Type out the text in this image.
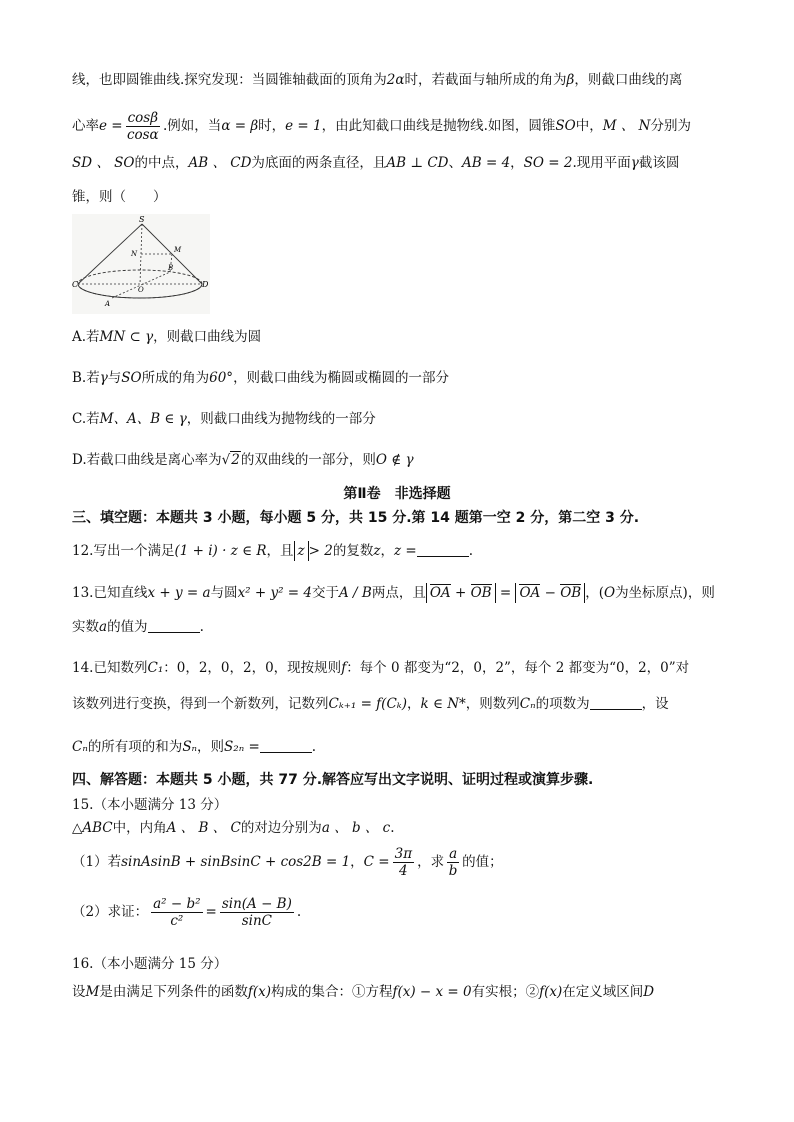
线，也即圆锥曲线.探究发现：当圆锥轴截面的顶角为2α时，若截面与轴所成的角为β，则截口曲线的离
心率$e = \frac{\cos\beta}{\cos\alpha}$ .例如，当α = β时，e = 1，由此知截口曲线是抛物线.如图，圆锥SO中，M 、 N分别为
SD 、 SO的中点，AB 、 CD为底面的两条直径，且AB ⊥ CD、AB = 4，SO = 2.现用平面γ截该圆
锥，则（　　）
S
N	M
B
O
C	D
A
A.若MN ⊂ γ，则截口曲线为圆
B.若γ与SO所成的角为60°，则截口曲线为椭圆或椭圆的一部分
C.若M、A、B ∈ γ，则截口曲线为抛物线的一部分
D.若截口曲线是离心率为√2的双曲线的一部分，则O ∉ γ
第Ⅱ卷　非选择题
三、填空题：本题共 3 小题，每小题 5 分，共 15 分.第 14 题第一空 2 分，第二空 3 分.
12.写出一个满足(1 + i) · z ∈ R，且 z > 2的复数z，z =	.
13.已知直线x + y = a与圆x² + y² = 4交于A / B两点，且 OA + OB = OA − OB ，(O为坐标原点)，则
实数a的值为	.
14.已知数列C₁：0，2，0，2，0，现按规则f：每个 0 都变为“2，0，2”，每个 2 都变为“0，2，0”对
该数列进行变换，得到一个新数列，记数列Cₖ₊₁ = f(Cₖ)，k ∈ N*，则数列Cₙ的项数为	，设
Cₙ的所有项的和为Sₙ，则S₂ₙ =	.
四、解答题：本题共 5 小题，共 77 分.解答应写出文字说明、证明过程或演算步骤.
15.（本小题满分 13 分）
△ABC中，内角A 、 B 、 C的对边分别为a 、 b 、 c.
（1）若sinAsinB + sinBsinC + cos2B = 1，$C = \frac{3\pi}{4}$ ，求 $\frac{a}{b}$ 的值；
（2）求证： $\frac{\text{a² − b²}}{\text{c²}} = \frac{\sin(A - B)}{\sin C}$ .
16.（本小题满分 15 分）
设M是由满足下列条件的函数f(x)构成的集合：①方程f(x) − x = 0有实根；②f(x)在定义域区间D
